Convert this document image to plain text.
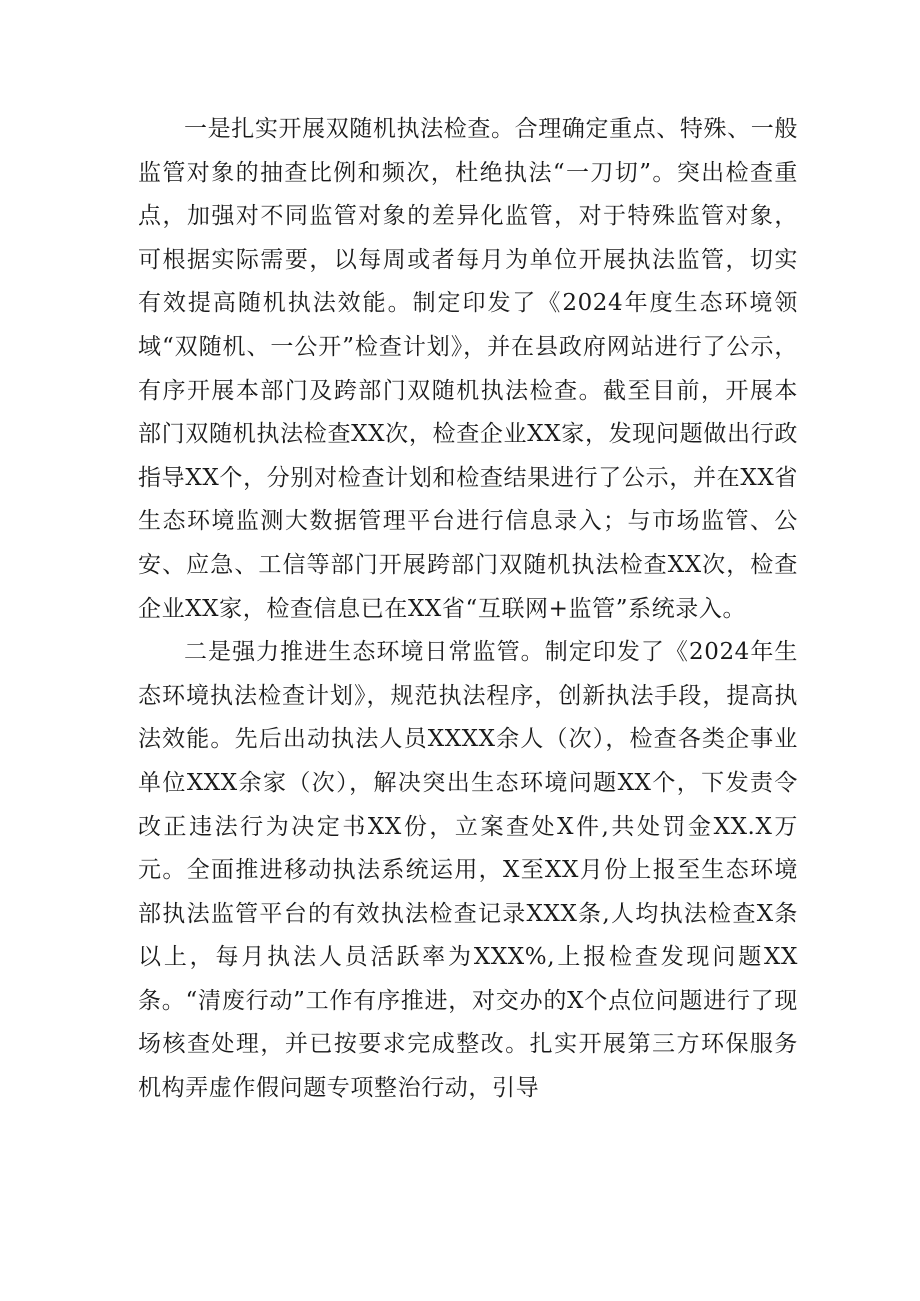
一是扎实开展双随机执法检查。合理确定重点、特殊、一般监管对象的抽查比例和频次，杜绝执法“一刀切”。突出检查重点，加强对不同监管对象的差异化监管，对于特殊监管对象，可根据实际需要，以每周或者每月为单位开展执法监管，切实有效提高随机执法效能。制定印发了《2024年度生态环境领域“双随机、一公开”检查计划》，并在县政府网站进行了公示，有序开展本部门及跨部门双随机执法检查。截至目前，开展本部门双随机执法检查XX次，检查企业XX家，发现问题做出行政指导XX个，分别对检查计划和检查结果进行了公示，并在XX省生态环境监测大数据管理平台进行信息录入；与市场监管、公安、应急、工信等部门开展跨部门双随机执法检查XX次，检查企业XX家，检查信息已在XX省“互联网+监管”系统录入。

二是强力推进生态环境日常监管。制定印发了《2024年生态环境执法检查计划》，规范执法程序，创新执法手段，提高执法效能。先后出动执法人员XXXX余人（次），检查各类企事业单位XXX余家（次），解决突出生态环境问题XX个，下发责令改正违法行为决定书XX份，立案查处X件,共处罚金XX.X万元。全面推进移动执法系统运用，X至XX月份上报至生态环境部执法监管平台的有效执法检查记录XXX条,人均执法检查X条以上，每月执法人员活跃率为XXX%,上报检查发现问题XX条。“清废行动”工作有序推进，对交办的X个点位问题进行了现场核查处理，并已按要求完成整改。扎实开展第三方环保服务机构弄虚作假问题专项整治行动，引导
